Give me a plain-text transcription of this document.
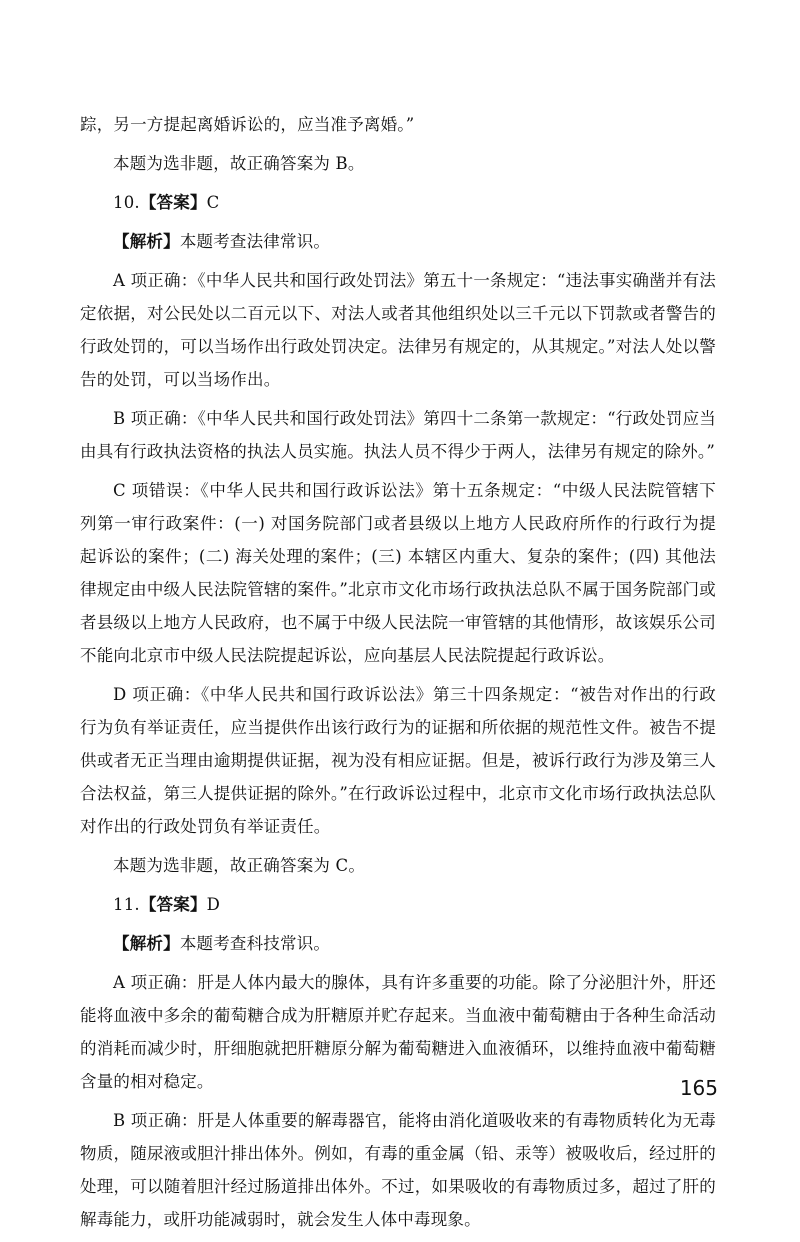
踪，另一方提起离婚诉讼的，应当准予离婚。”

本题为选非题，故正确答案为 B。

10.【答案】C

【解析】本题考查法律常识。

A 项正确：《中华人民共和国行政处罚法》第五十一条规定：“违法事实确凿并有法定依据，对公民处以二百元以下、对法人或者其他组织处以三千元以下罚款或者警告的行政处罚的，可以当场作出行政处罚决定。法律另有规定的，从其规定。”对法人处以警告的处罚，可以当场作出。

B 项正确：《中华人民共和国行政处罚法》第四十二条第一款规定：“行政处罚应当由具有行政执法资格的执法人员实施。执法人员不得少于两人，法律另有规定的除外。”

C 项错误：《中华人民共和国行政诉讼法》第十五条规定：“中级人民法院管辖下列第一审行政案件：(一) 对国务院部门或者县级以上地方人民政府所作的行政行为提起诉讼的案件；(二) 海关处理的案件；(三) 本辖区内重大、复杂的案件；(四) 其他法律规定由中级人民法院管辖的案件。”北京市文化市场行政执法总队不属于国务院部门或者县级以上地方人民政府，也不属于中级人民法院一审管辖的其他情形，故该娱乐公司不能向北京市中级人民法院提起诉讼，应向基层人民法院提起行政诉讼。

D 项正确：《中华人民共和国行政诉讼法》第三十四条规定：“被告对作出的行政行为负有举证责任，应当提供作出该行政行为的证据和所依据的规范性文件。被告不提供或者无正当理由逾期提供证据，视为没有相应证据。但是，被诉行政行为涉及第三人合法权益，第三人提供证据的除外。”在行政诉讼过程中，北京市文化市场行政执法总队对作出的行政处罚负有举证责任。

本题为选非题，故正确答案为 C。

11.【答案】D

【解析】本题考查科技常识。

A 项正确：肝是人体内最大的腺体，具有许多重要的功能。除了分泌胆汁外，肝还能将血液中多余的葡萄糖合成为肝糖原并贮存起来。当血液中葡萄糖由于各种生命活动的消耗而减少时，肝细胞就把肝糖原分解为葡萄糖进入血液循环，以维持血液中葡萄糖含量的相对稳定。

B 项正确：肝是人体重要的解毒器官，能将由消化道吸收来的有毒物质转化为无毒物质，随尿液或胆汁排出体外。例如，有毒的重金属（铅、汞等）被吸收后，经过肝的处理，可以随着胆汁经过肠道排出体外。不过，如果吸收的有毒物质过多，超过了肝的解毒能力，或肝功能减弱时，就会发生人体中毒现象。

165
